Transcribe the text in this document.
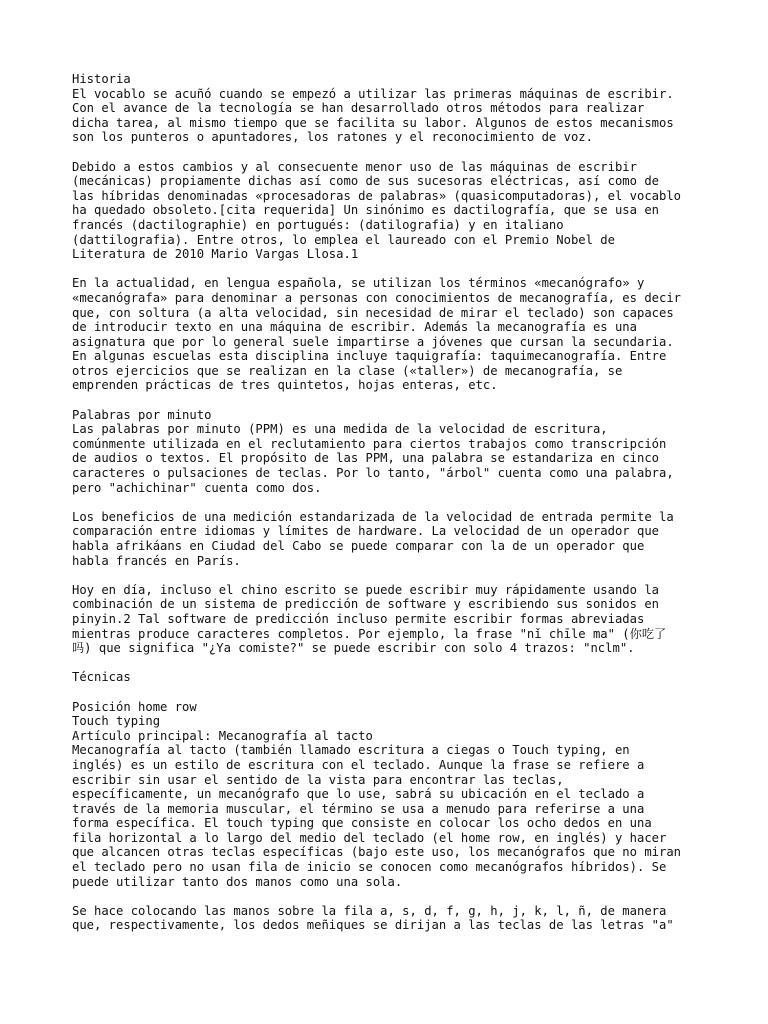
Historia
El vocablo se acuñó cuando se empezó a utilizar las primeras máquinas de escribir.
Con el avance de la tecnología se han desarrollado otros métodos para realizar
dicha tarea, al mismo tiempo que se facilita su labor. Algunos de estos mecanismos
son los punteros o apuntadores, los ratones y el reconocimiento de voz.
Debido a estos cambios y al consecuente menor uso de las máquinas de escribir
(mecánicas) propiamente dichas así como de sus sucesoras eléctricas, así como de
las híbridas denominadas «procesadoras de palabras» (quasicomputadoras), el vocablo
ha quedado obsoleto.[cita requerida] Un sinónimo es dactilografía, que se usa en
francés (dactilographie) en portugués: (datilografia) y en italiano
(dattilografia). Entre otros, lo emplea el laureado con el Premio Nobel de
Literatura de 2010 Mario Vargas Llosa.1
En la actualidad, en lengua española, se utilizan los términos «mecanógrafo» y
«mecanógrafa» para denominar a personas con conocimientos de mecanografía, es decir
que, con soltura (a alta velocidad, sin necesidad de mirar el teclado) son capaces
de introducir texto en una máquina de escribir. Además la mecanografía es una
asignatura que por lo general suele impartirse a jóvenes que cursan la secundaria.
En algunas escuelas esta disciplina incluye taquigrafía: taquimecanografía. Entre
otros ejercicios que se realizan en la clase («taller») de mecanografía, se
emprenden prácticas de tres quintetos, hojas enteras, etc.
Palabras por minuto
Las palabras por minuto (PPM) es una medida de la velocidad de escritura,
comúnmente utilizada en el reclutamiento para ciertos trabajos como transcripción
de audios o textos. El propósito de las PPM, una palabra se estandariza en cinco
caracteres o pulsaciones de teclas. Por lo tanto, "árbol" cuenta como una palabra,
pero "achichinar" cuenta como dos.
Los beneficios de una medición estandarizada de la velocidad de entrada permite la
comparación entre idiomas y límites de hardware. La velocidad de un operador que
habla afrikáans en Ciudad del Cabo se puede comparar con la de un operador que
habla francés en París.
Hoy en día, incluso el chino escrito se puede escribir muy rápidamente usando la
combinación de un sistema de predicción de software y escribiendo sus sonidos en
pinyin.2 Tal software de predicción incluso permite escribir formas abreviadas
mientras produce caracteres completos. Por ejemplo, la frase "nǐ chīle ma" (你吃了
吗) que significa "¿Ya comiste?" se puede escribir con solo 4 trazos: "nclm".
Técnicas
Posición home row
Touch typing
Artículo principal: Mecanografía al tacto
Mecanografía al tacto (también llamado escritura a ciegas o Touch typing, en
inglés) es un estilo de escritura con el teclado. Aunque la frase se refiere a
escribir sin usar el sentido de la vista para encontrar las teclas,
específicamente, un mecanógrafo que lo use, sabrá su ubicación en el teclado a
través de la memoria muscular, el término se usa a menudo para referirse a una
forma específica. El touch typing que consiste en colocar los ocho dedos en una
fila horizontal a lo largo del medio del teclado (el home row, en inglés) y hacer
que alcancen otras teclas específicas (bajo este uso, los mecanógrafos que no miran
el teclado pero no usan fila de inicio se conocen como mecanógrafos híbridos). Se
puede utilizar tanto dos manos como una sola.
Se hace colocando las manos sobre la fila a, s, d, f, g, h, j, k, l, ñ, de manera
que, respectivamente, los dedos meñiques se dirijan a las teclas de las letras "a"
